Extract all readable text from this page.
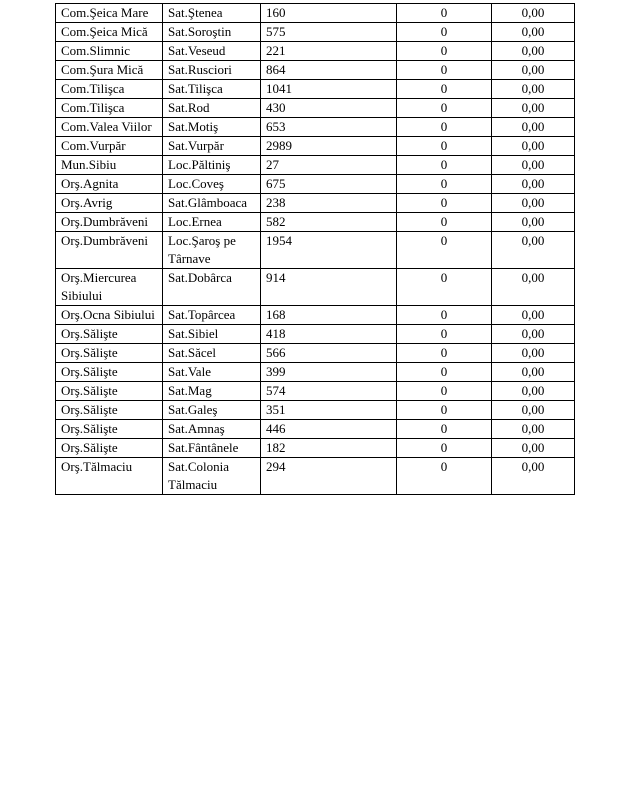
Com.Şeica Mare	Sat.Ştenea	160	0	0,00
Com.Şeica Mică	Sat.Soroştin	575	0	0,00
Com.Slimnic	Sat.Veseud	221	0	0,00
Com.Şura Mică	Sat.Rusciori	864	0	0,00
Com.Tilişca	Sat.Tilişca	1041	0	0,00
Com.Tilişca	Sat.Rod	430	0	0,00
Com.Valea Viilor	Sat.Motiş	653	0	0,00
Com.Vurpăr	Sat.Vurpăr	2989	0	0,00
Mun.Sibiu	Loc.Păltiniş	27	0	0,00
Orş.Agnita	Loc.Coveş	675	0	0,00
Orş.Avrig	Sat.Glâmboaca	238	0	0,00
Orş.Dumbrăveni	Loc.Ernea	582	0	0,00
Orş.Dumbrăveni	Loc.Şaroş pe Târnave	1954	0	0,00
Orş.Miercurea Sibiului	Sat.Dobârca	914	0	0,00
Orş.Ocna Sibiului	Sat.Topârcea	168	0	0,00
Orş.Sălişte	Sat.Sibiel	418	0	0,00
Orş.Sălişte	Sat.Săcel	566	0	0,00
Orş.Sălişte	Sat.Vale	399	0	0,00
Orş.Sălişte	Sat.Mag	574	0	0,00
Orş.Sălişte	Sat.Galeş	351	0	0,00
Orş.Sălişte	Sat.Amnaş	446	0	0,00
Orş.Sălişte	Sat.Fântânele	182	0	0,00
Orş.Tălmaciu	Sat.Colonia Tălmaciu	294	0	0,00
